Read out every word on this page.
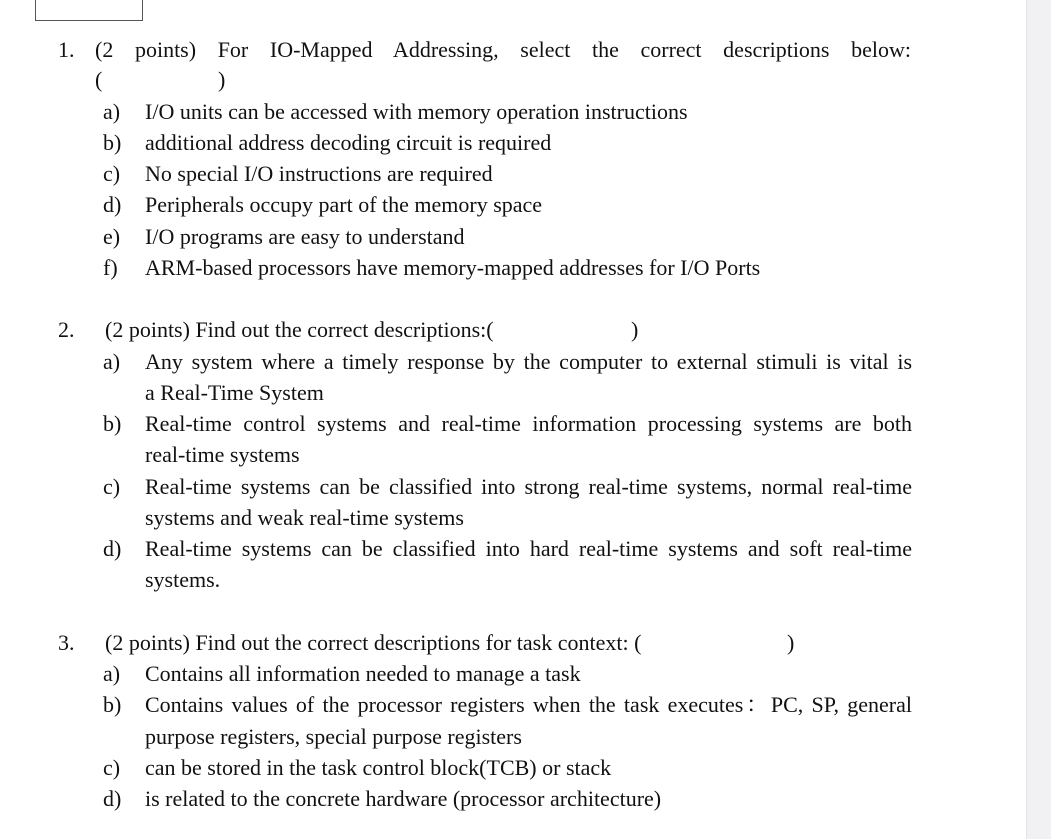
1. (2 points) For IO-Mapped Addressing, select the correct descriptions below:
(	)
a) I/O units can be accessed with memory operation instructions
b) additional address decoding circuit is required
c) No special I/O instructions are required
d) Peripherals occupy part of the memory space
e) I/O programs are easy to understand
f) ARM-based processors have memory-mapped addresses for I/O Ports
2. (2 points) Find out the correct descriptions:(	)
a) Any system where a timely response by the computer to external stimuli is vital is
a Real-Time System
b) Real-time control systems and real-time information processing systems are both
real-time systems
c) Real-time systems can be classified into strong real-time systems, normal real-time
systems and weak real-time systems
d) Real-time systems can be classified into hard real-time systems and soft real-time
systems.
3. (2 points) Find out the correct descriptions for task context: (	)
a) Contains all information needed to manage a task
b) Contains values of the processor registers when the task executes：PC, SP, general
purpose registers, special purpose registers
c) can be stored in the task control block(TCB) or stack
d) is related to the concrete hardware (processor architecture)
